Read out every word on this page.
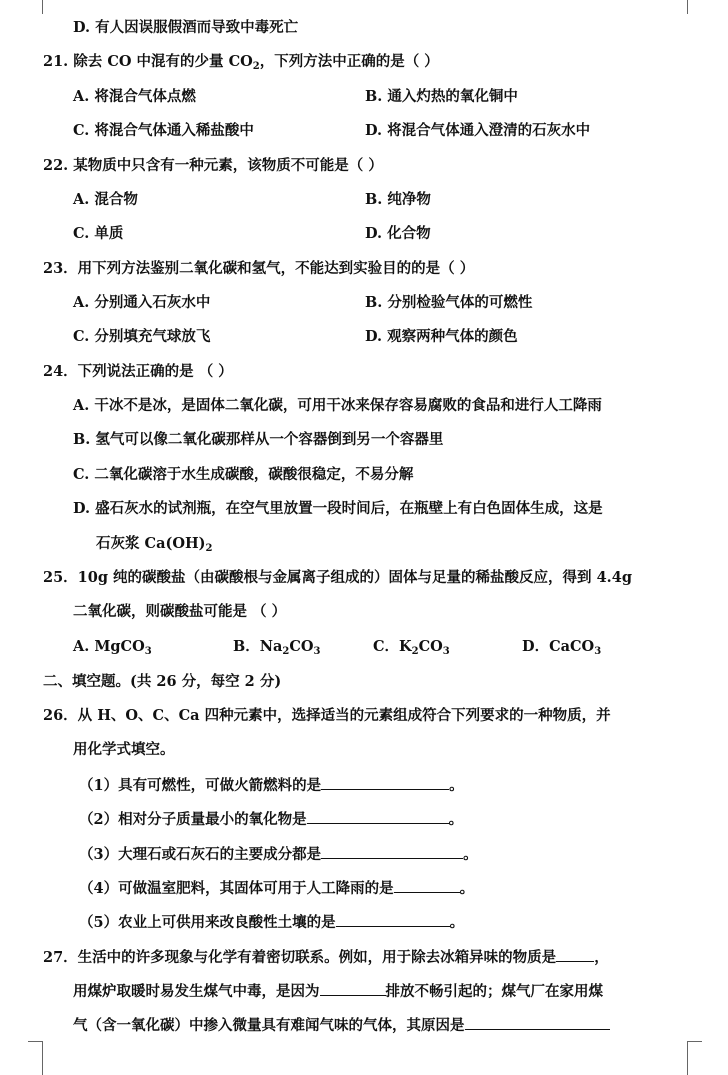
D. 有人因误服假酒而导致中毒死亡
21. 除去 CO 中混有的少量 $CO_2$，下列方法中正确的是（ ）
A. 将混合气体点燃	B. 通入灼热的氧化铜中
C. 将混合气体通入稀盐酸中	D. 将混合气体通入澄清的石灰水中
22. 某物质中只含有一种元素，该物质不可能是（ ）
A. 混合物	B. 纯净物
C. 单质	D. 化合物
23．用下列方法鉴别二氧化碳和氢气，不能达到实验目的的是（ ）
A. 分别通入石灰水中	B. 分别检验气体的可燃性
C. 分别填充气球放飞	D. 观察两种气体的颜色
24．下列说法正确的是 （ ）
A. 干冰不是冰，是固体二氧化碳，可用干冰来保存容易腐败的食品和进行人工降雨
B. 氢气可以像二氧化碳那样从一个容器倒到另一个容器里
C. 二氧化碳溶于水生成碳酸，碳酸很稳定，不易分解
D. 盛石灰水的试剂瓶，在空气里放置一段时间后，在瓶壁上有白色固体生成，这是
石灰浆 $Ca(OH)_2$
25．10g 纯的碳酸盐（由碳酸根与金属离子组成的）固体与足量的稀盐酸反应，得到 4.4g
二氧化碳，则碳酸盐可能是 （ ）
A. MgCO$_3$	B．$Na_2CO_3$	C．$K_2CO_3$	D．CaCO$_3$
二、填空题。(共 26 分，每空 2 分)
26．从 H、O、C、Ca 四种元素中，选择适当的元素组成符合下列要求的一种物质，并
用化学式填空。
（1）具有可燃性，可做火箭燃料的是	。
（2）相对分子质量最小的氧化物是	。
（3）大理石或石灰石的主要成分都是	。
（4）可做温室肥料，其固体可用于人工降雨的是	。
（5）农业上可供用来改良酸性土壤的是	。
27．生活中的许多现象与化学有着密切联系。例如，用于除去冰箱异味的物质是	，
用煤炉取暖时易发生煤气中毒，是因为	排放不畅引起的；煤气厂在家用煤
气（含一氧化碳）中掺入微量具有难闻气味的气体，其原因是
